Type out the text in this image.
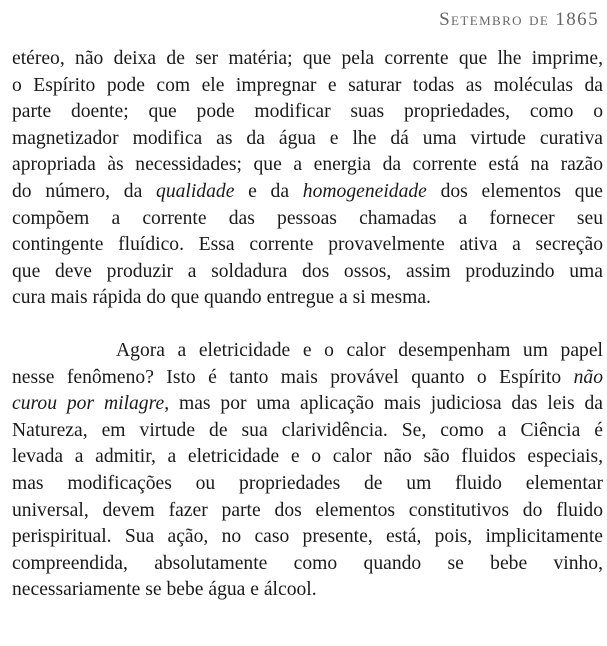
Setembro de 1865

etéreo, não deixa de ser matéria; que pela corrente que lhe imprime,
o Espírito pode com ele impregnar e saturar todas as moléculas da
parte doente; que pode modificar suas propriedades, como o
magnetizador modifica as da água e lhe dá uma virtude curativa
apropriada às necessidades; que a energia da corrente está na razão
do número, da qualidade e da homogeneidade dos elementos que
compõem a corrente das pessoas chamadas a fornecer seu
contingente fluídico. Essa corrente provavelmente ativa a secreção
que deve produzir a soldadura dos ossos, assim produzindo uma
cura mais rápida do que quando entregue a si mesma.

Agora a eletricidade e o calor desempenham um papel
nesse fenômeno? Isto é tanto mais provável quanto o Espírito não
curou por milagre, mas por uma aplicação mais judiciosa das leis da
Natureza, em virtude de sua clarividência. Se, como a Ciência é
levada a admitir, a eletricidade e o calor não são fluidos especiais,
mas modificações ou propriedades de um fluido elementar
universal, devem fazer parte dos elementos constitutivos do fluido
perispiritual. Sua ação, no caso presente, está, pois, implicitamente
compreendida, absolutamente como quando se bebe vinho,
necessariamente se bebe água e álcool.
